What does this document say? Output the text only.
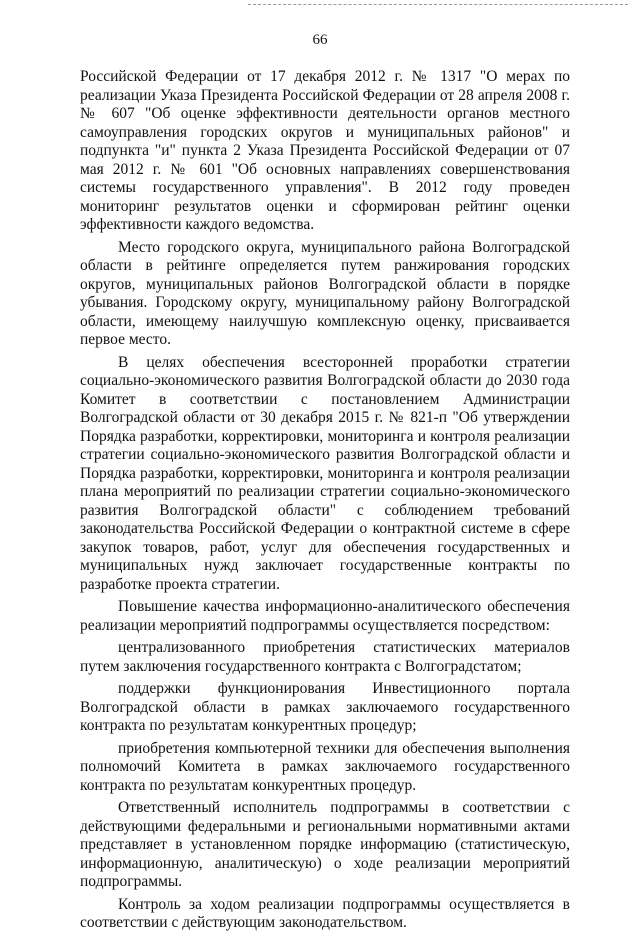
66

Российской Федерации от 17 декабря 2012 г. № 1317 "О мерах по реализации Указа Президента Российской Федерации от 28 апреля 2008 г. № 607 "Об оценке эффективности деятельности органов местного самоуправления городских округов и муниципальных районов" и подпункта "и" пункта 2 Указа Президента Российской Федерации от 07 мая 2012 г. № 601 "Об основных направлениях совершенствования системы государственного управления". В 2012 году проведен мониторинг результатов оценки и сформирован рейтинг оценки эффективности каждого ведомства.

Место городского округа, муниципального района Волгоградской области в рейтинге определяется путем ранжирования городских округов, муниципальных районов Волгоградской области в порядке убывания. Городскому округу, муниципальному району Волгоградской области, имеющему наилучшую комплексную оценку, присваивается первое место.

В целях обеспечения всесторонней проработки стратегии социально-экономического развития Волгоградской области до 2030 года Комитет в соответствии с постановлением Администрации Волгоградской области от 30 декабря 2015 г. № 821-п "Об утверждении Порядка разработки, корректировки, мониторинга и контроля реализации стратегии социально-экономического развития Волгоградской области и Порядка разработки, корректировки, мониторинга и контроля реализации плана мероприятий по реализации стратегии социально-экономического развития Волгоградской области" с соблюдением требований законодательства Российской Федерации о контрактной системе в сфере закупок товаров, работ, услуг для обеспечения государственных и муниципальных нужд заключает государственные контракты по разработке проекта стратегии.

Повышение качества информационно-аналитического обеспечения реализации мероприятий подпрограммы осуществляется посредством:

централизованного приобретения статистических материалов путем заключения государственного контракта с Волгоградстатом;

поддержки функционирования Инвестиционного портала Волгоградской области в рамках заключаемого государственного контракта по результатам конкурентных процедур;

приобретения компьютерной техники для обеспечения выполнения полномочий Комитета в рамках заключаемого государственного контракта по результатам конкурентных процедур.

Ответственный исполнитель подпрограммы в соответствии с действующими федеральными и региональными нормативными актами представляет в установленном порядке информацию (статистическую, информационную, аналитическую) о ходе реализации мероприятий подпрограммы.

Контроль за ходом реализации подпрограммы осуществляется в соответствии с действующим законодательством.
